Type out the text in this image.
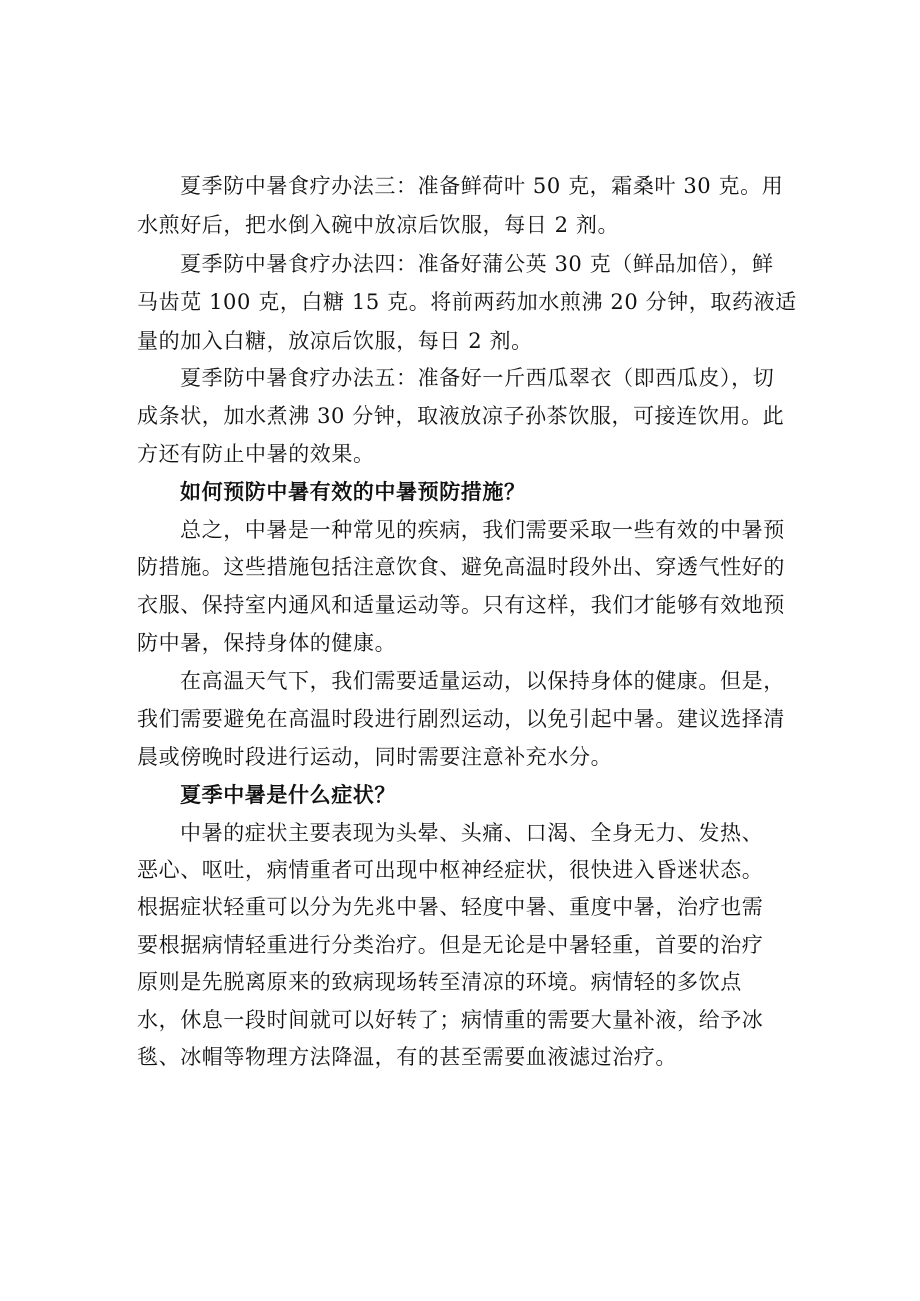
夏季防中暑食疗办法三：准备鲜荷叶 50 克，霜桑叶 30 克。用
水煎好后，把水倒入碗中放凉后饮服，每日 2 剂。
夏季防中暑食疗办法四：准备好蒲公英 30 克（鲜品加倍），鲜
马齿苋 100 克，白糖 15 克。将前两药加水煎沸 20 分钟，取药液适
量的加入白糖，放凉后饮服，每日 2 剂。
夏季防中暑食疗办法五：准备好一斤西瓜翠衣（即西瓜皮），切
成条状，加水煮沸 30 分钟，取液放凉子孙茶饮服，可接连饮用。此
方还有防止中暑的效果。
如何预防中暑有效的中暑预防措施？
总之，中暑是一种常见的疾病，我们需要采取一些有效的中暑预
防措施。这些措施包括注意饮食、避免高温时段外出、穿透气性好的
衣服、保持室内通风和适量运动等。只有这样，我们才能够有效地预
防中暑，保持身体的健康。
在高温天气下，我们需要适量运动，以保持身体的健康。但是，
我们需要避免在高温时段进行剧烈运动，以免引起中暑。建议选择清
晨或傍晚时段进行运动，同时需要注意补充水分。
夏季中暑是什么症状？
中暑的症状主要表现为头晕、头痛、口渴、全身无力、发热、
恶心、呕吐，病情重者可出现中枢神经症状，很快进入昏迷状态。
根据症状轻重可以分为先兆中暑、轻度中暑、重度中暑，治疗也需
要根据病情轻重进行分类治疗。但是无论是中暑轻重，首要的治疗
原则是先脱离原来的致病现场转至清凉的环境。病情轻的多饮点
水，休息一段时间就可以好转了；病情重的需要大量补液，给予冰
毯、冰帽等物理方法降温，有的甚至需要血液滤过治疗。
